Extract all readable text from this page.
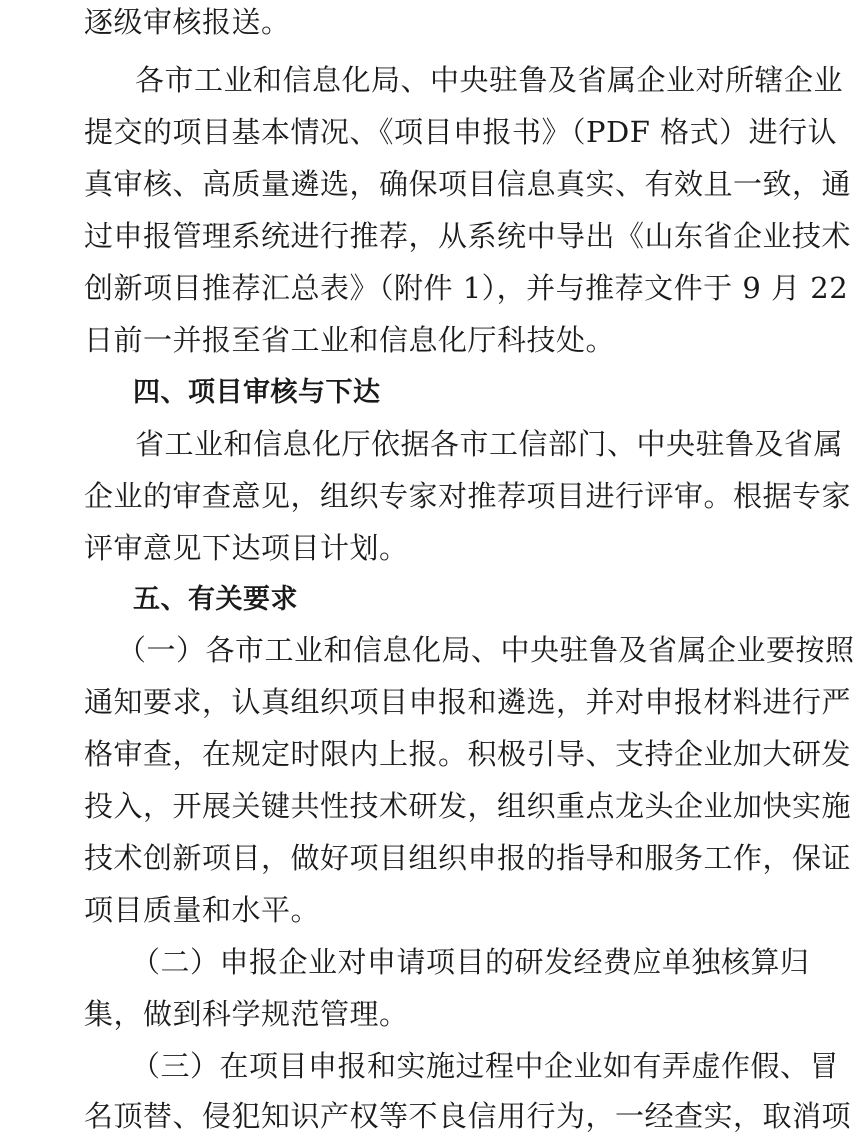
逐级审核报送。
各市工业和信息化局、中央驻鲁及省属企业对所辖企业
提交的项目基本情况、《项目申报书》（PDF 格式）进行认
真审核、高质量遴选，确保项目信息真实、有效且一致，通
过申报管理系统进行推荐，从系统中导出《山东省企业技术
创新项目推荐汇总表》（附件 1），并与推荐文件于 9 月 22
日前一并报至省工业和信息化厅科技处。
四、项目审核与下达
省工业和信息化厅依据各市工信部门、中央驻鲁及省属
企业的审查意见，组织专家对推荐项目进行评审。根据专家
评审意见下达项目计划。
五、有关要求
（一）各市工业和信息化局、中央驻鲁及省属企业要按照
通知要求，认真组织项目申报和遴选，并对申报材料进行严
格审查，在规定时限内上报。积极引导、支持企业加大研发
投入，开展关键共性技术研发，组织重点龙头企业加快实施
技术创新项目，做好项目组织申报的指导和服务工作，保证
项目质量和水平。
（二）申报企业对申请项目的研发经费应单独核算归
集，做到科学规范管理。
（三）在项目申报和实施过程中企业如有弄虚作假、冒
名顶替、侵犯知识产权等不良信用行为，一经查实，取消项
